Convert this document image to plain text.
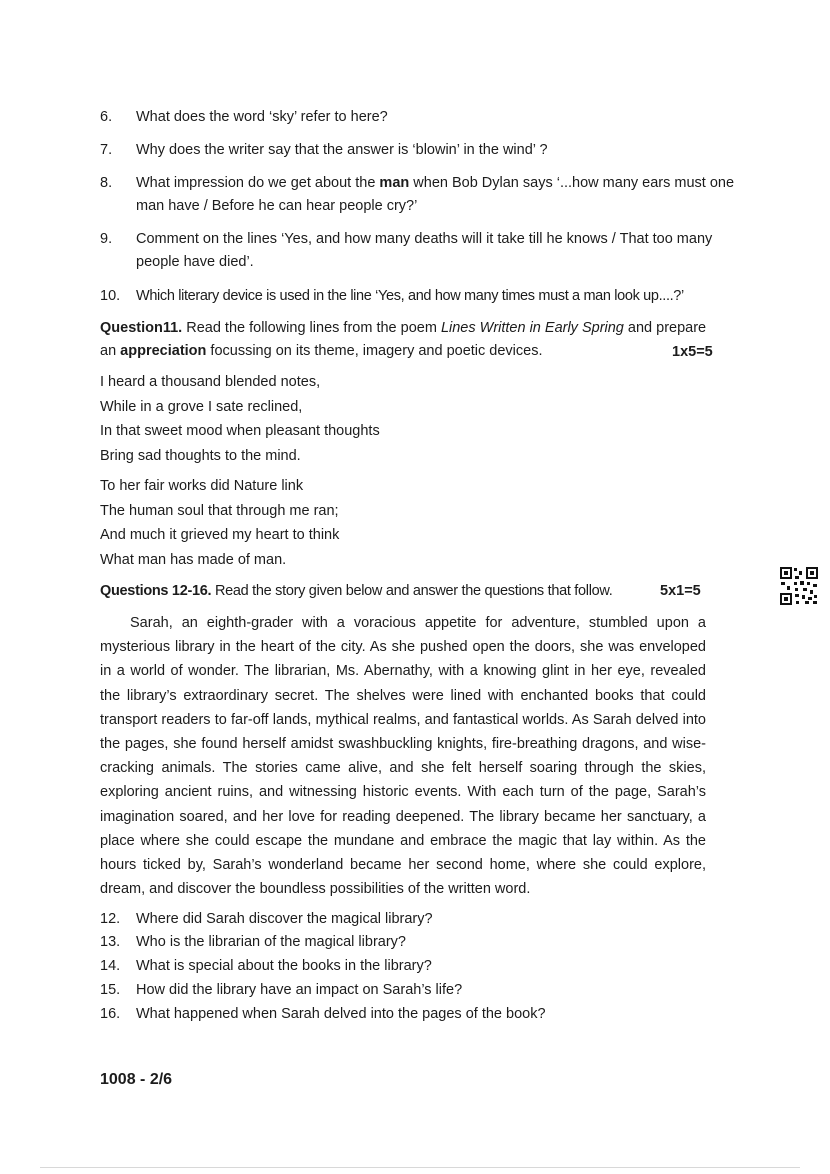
6.	What does the word ‘sky’ refer to here?
7.	Why does the writer say that the answer is ‘blowin’ in the wind’ ?
8.	What impression do we get about the man when Bob Dylan says ‘...how many ears must one man have / Before he can hear people cry?’
9.	Comment on the lines ‘Yes, and how many deaths will it take till he knows / That too many people have died’.
10.	Which literary device is used in the line ‘Yes, and how many times must a man look up....?’
Question11. Read the following lines from the poem Lines Written in Early Spring and prepare an appreciation focussing on its theme, imagery and poetic devices.	1x5=5
I heard a thousand blended notes,
While in a grove I sate reclined,
In that sweet mood when pleasant thoughts
Bring sad thoughts to the mind.
To her fair works did Nature link
The human soul that through me ran;
And much it grieved my heart to think
What man has made of man.
Questions 12-16. Read the story given below and answer the questions that follow.	5x1=5
Sarah, an eighth-grader with a voracious appetite for adventure, stumbled upon a mysterious library in the heart of the city. As she pushed open the doors, she was enveloped in a world of wonder. The librarian, Ms. Abernathy, with a knowing glint in her eye, revealed the library’s extraordinary secret. The shelves were lined with enchanted books that could transport readers to far-off lands, mythical realms, and fantastical worlds. As Sarah delved into the pages, she found herself amidst swashbuckling knights, fire-breathing dragons, and wise-cracking animals. The stories came alive, and she felt herself soaring through the skies, exploring ancient ruins, and witnessing historic events. With each turn of the page, Sarah’s imagination soared, and her love for reading deepened. The library became her sanctuary, a place where she could escape the mundane and embrace the magic that lay within. As the hours ticked by, Sarah’s wonderland became her second home, where she could explore, dream, and discover the boundless possibilities of the written word.
12.	Where did Sarah discover the magical library?
13.	Who is the librarian of the magical library?
14.	What is special about the books in the library?
15.	How did the library have an impact on Sarah’s life?
16.	What happened when Sarah delved into the pages of the book?
1008 - 2/6
